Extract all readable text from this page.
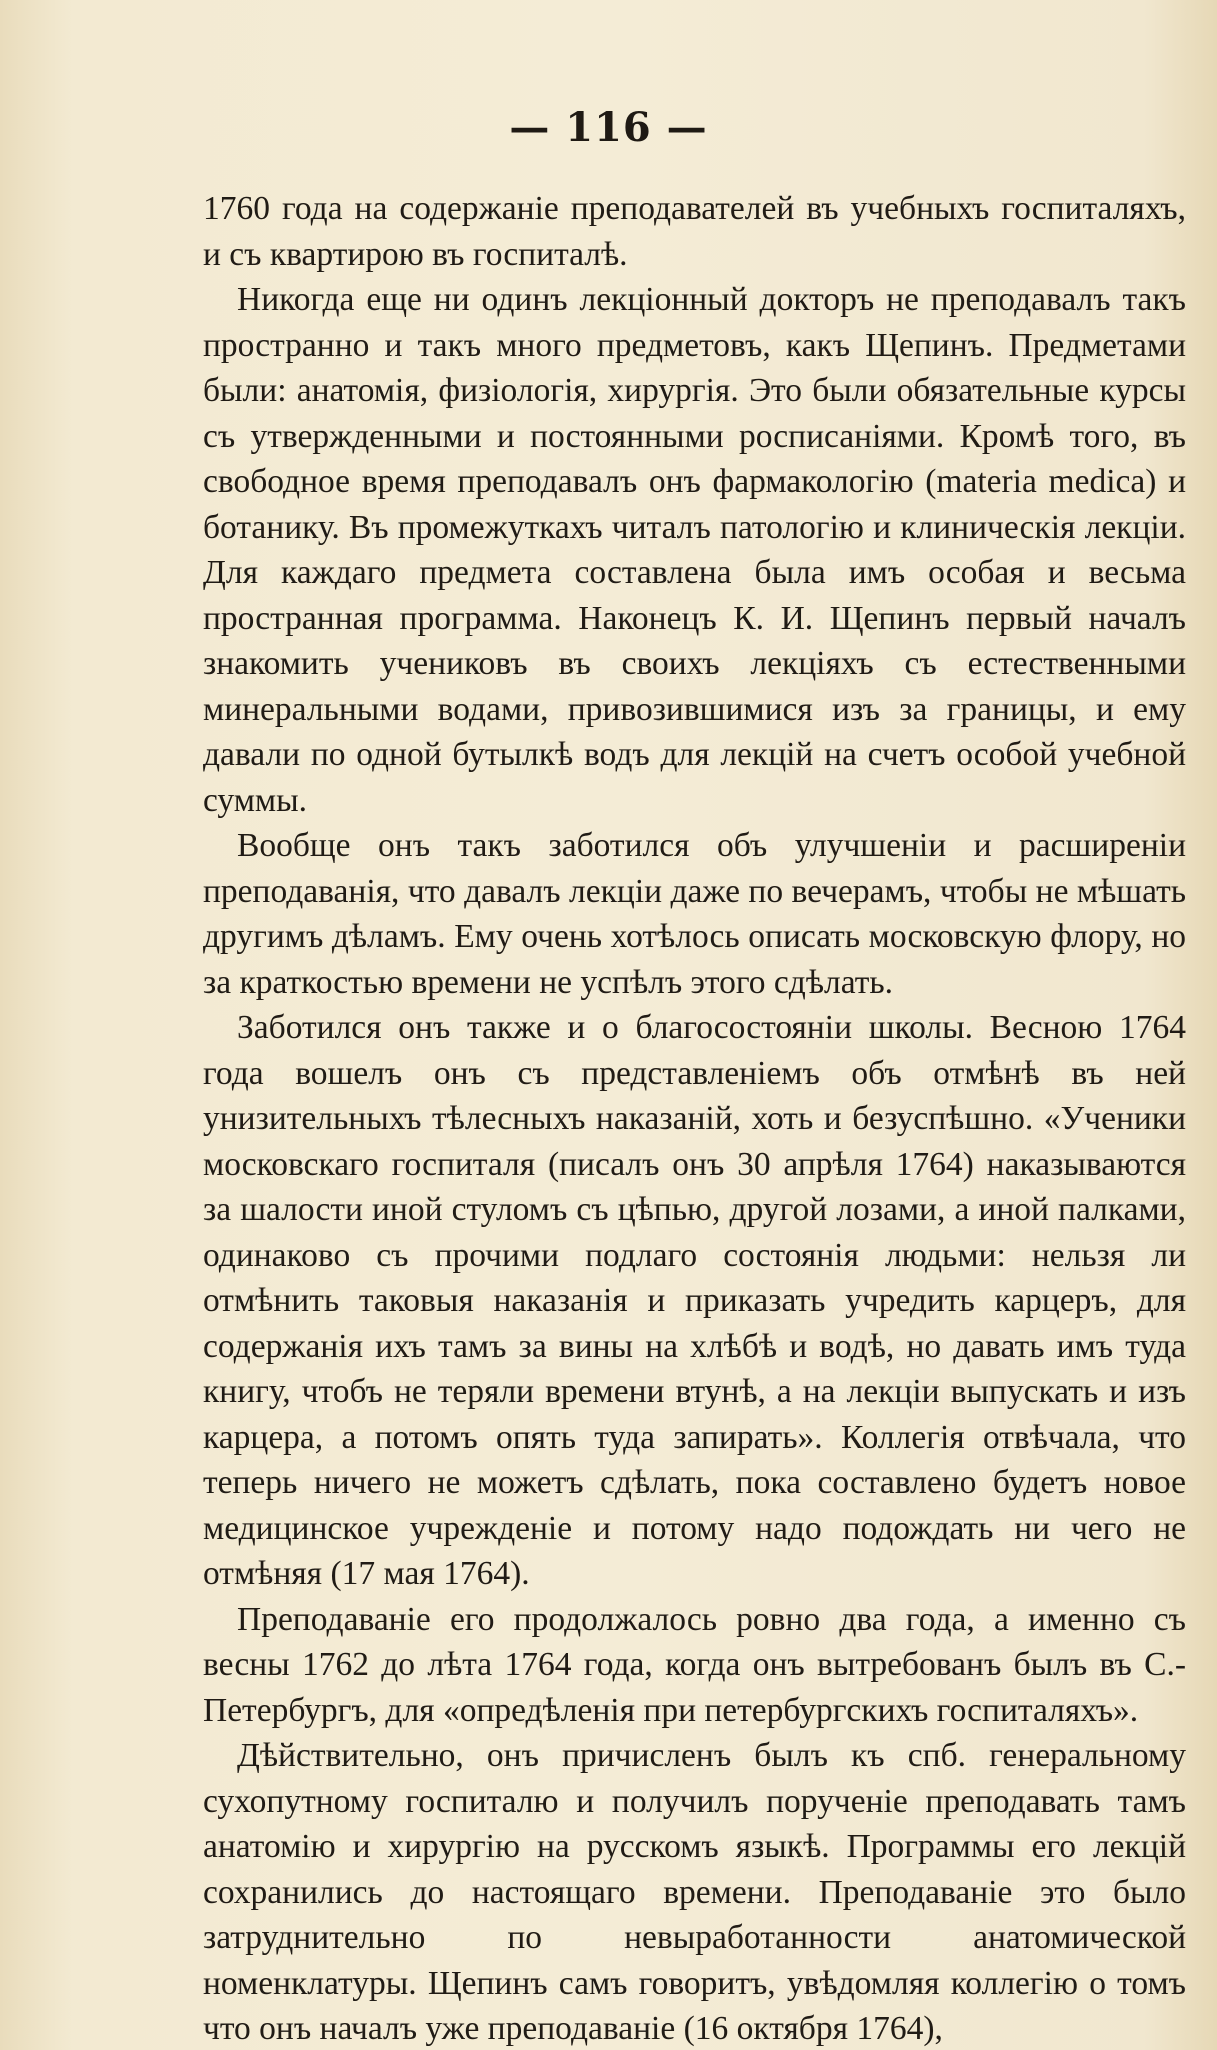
— 116 —

1760 года на содержаніе преподавателей въ учебныхъ госпиталяхъ, и съ квартирою въ госпиталѣ.

Никогда еще ни одинъ лекціонный докторъ не преподавалъ такъ пространно и такъ много предметовъ, какъ Щепинъ. Предметами были: анатомія, физіологія, хирургія. Это были обязательные курсы съ утвержденными и постоянными росписаніями. Кромѣ того, въ свободное время преподавалъ онъ фармакологію (materia medica) и ботанику. Въ промежуткахъ читалъ патологію и клиническія лекціи. Для каждаго предмета составлена была имъ особая и весьма пространная программа. Наконецъ К. И. Щепинъ первый началъ знакомить учениковъ въ своихъ лекціяхъ съ естественными минеральными водами, привозившимися изъ за границы, и ему давали по одной бутылкѣ водъ для лекцій на счетъ особой учебной суммы.

Вообще онъ такъ заботился объ улучшеніи и расширеніи преподаванія, что давалъ лекціи даже по вечерамъ, чтобы не мѣшать другимъ дѣламъ. Ему очень хотѣлось описать московскую флору, но за краткостью времени не успѣлъ этого сдѣлать.

Заботился онъ также и о благосостояніи школы. Весною 1764 года вошелъ онъ съ представленіемъ объ отмѣнѣ въ ней унизительныхъ тѣлесныхъ наказаній, хоть и безуспѣшно. «Ученики московскаго госпиталя (писалъ онъ 30 апрѣля 1764) наказываются за шалости иной стуломъ съ цѣпью, другой лозами, а иной палками, одинаково съ прочими подлаго состоянія людьми: нельзя ли отмѣнить таковыя наказанія и приказать учредить карцеръ, для содержанія ихъ тамъ за вины на хлѣбѣ и водѣ, но давать имъ туда книгу, чтобъ не теряли времени втунѣ, а на лекціи выпускать и изъ карцера, а потомъ опять туда запирать». Коллегія отвѣчала, что теперь ничего не можетъ сдѣлать, пока составлено будетъ новое медицинское учрежденіе и потому надо подождать ни чего не отмѣняя (17 мая 1764).

Преподаваніе его продолжалось ровно два года, а именно съ весны 1762 до лѣта 1764 года, когда онъ вытребованъ былъ въ С.-Петербургъ, для «опредѣленія при петербургскихъ госпиталяхъ».

Дѣйствительно, онъ причисленъ былъ къ спб. генеральному сухопутному госпиталю и получилъ порученіе преподавать тамъ анатомію и хирургію на русскомъ языкѣ. Программы его лекцій сохранились до настоящаго времени. Преподаваніе это было затруднительно по невыработанности анатомической номенклатуры. Щепинъ самъ говоритъ, увѣдомляя коллегію о томъ что онъ началъ уже преподаваніе (16 октября 1764),
